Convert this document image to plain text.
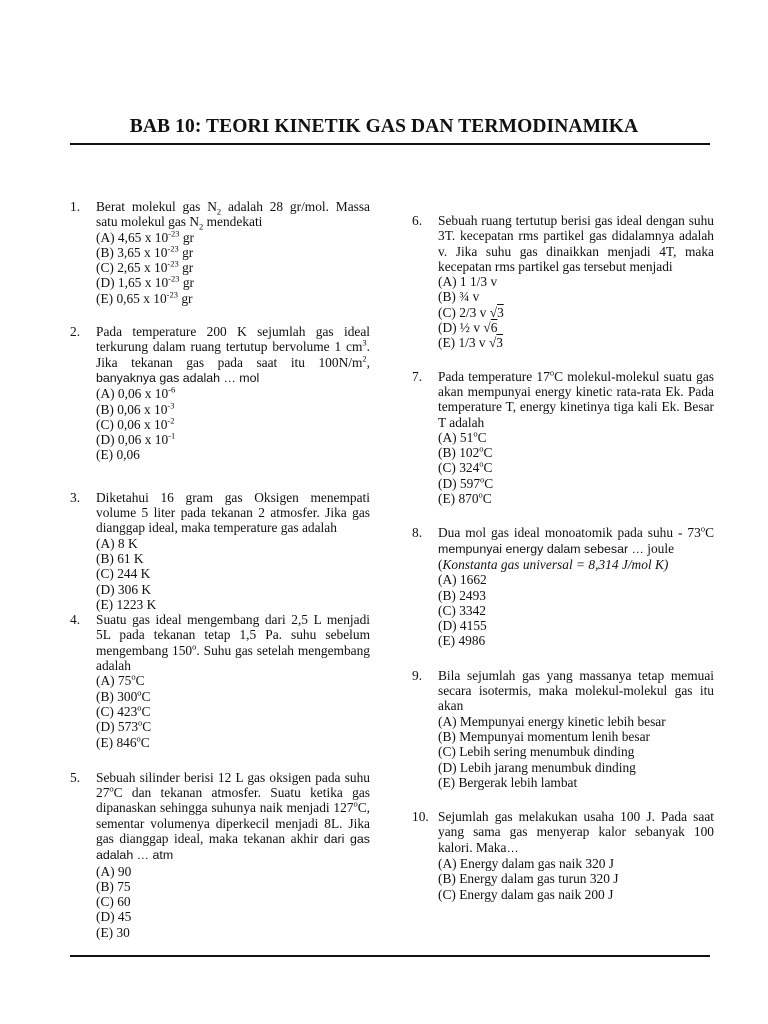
BAB 10: TEORI KINETIK GAS DAN TERMODINAMIKA
1. Berat molekul gas $N_2$ adalah 28 gr/mol. Massa satu molekul gas $N_2$ mendekati
(A) 4,65 x $10^{-23}$ gr
(B) 3,65 x $10^{-23}$ gr
(C) 2,65 x $10^{-23}$ gr
(D) 1,65 x $10^{-23}$ gr
(E) 0,65 x $10^{-23}$ gr
2. Pada temperature 200 K sejumlah gas ideal terkurung dalam ruang tertutup bervolume 1 $cm^3$. Jika tekanan gas pada saat itu $100N/m^2$, banyaknya gas adalah … mol
(A) 0,06 x $10^{-6}$
(B) 0,06 x $10^{-3}$
(C) 0,06 x $10^{-2}$
(D) 0,06 x $10^{-1}$
(E) 0,06
3. Diketahui 16 gram gas Oksigen menempati volume 5 liter pada tekanan 2 atmosfer. Jika gas dianggap ideal, maka temperature gas adalah
(A) 8 K
(B) 61 K
(C) 244 K
(D) 306 K
(E) 1223 K
4. Suatu gas ideal mengembang dari 2,5 L menjadi 5L pada tekanan tetap 1,5 Pa. suhu sebelum mengembang 150$^o$. Suhu gas setelah mengembang adalah
(A) 75$^o$C
(B) 300$^o$C
(C) 423$^o$C
(D) 573$^o$C
(E) 846$^o$C
5. Sebuah silinder berisi 12 L gas oksigen pada suhu 27$^o$C dan tekanan atmosfer. Suatu ketika gas dipanaskan sehingga suhunya naik menjadi 127$^o$C, sementar volumenya diperkecil menjadi 8L. Jika gas dianggap ideal, maka tekanan akhir dari gas adalah … atm
(A) 90
(B) 75
(C) 60
(D) 45
(E) 30
6. Sebuah ruang tertutup berisi gas ideal dengan suhu 3T. kecepatan rms partikel gas didalamnya adalah v. Jika suhu gas dinaikkan menjadi 4T, maka kecepatan rms partikel gas tersebut menjadi
(A) 1 1/3 v
(B) ¾ v
(C) 2/3 v √3
(D) ½ v √6
(E) 1/3 v √3
7. Pada temperature 17$^o$C molekul-molekul suatu gas akan mempunyai energy kinetic rata-rata Ek. Pada temperature T, energy kinetinya tiga kali Ek. Besar T adalah
(A) 51$^o$C
(B) 102$^o$C
(C) 324$^o$C
(D) 597$^o$C
(E) 870$^o$C
8. Dua mol gas ideal monoatomik pada suhu - 73$^o$C mempunyai energy dalam sebesar … joule
(Konstanta gas universal = 8,314 J/mol K)
(A) 1662
(B) 2493
(C) 3342
(D) 4155
(E) 4986
9. Bila sejumlah gas yang massanya tetap memuai secara isotermis, maka molekul-molekul gas itu akan
(A) Mempunyai energy kinetic lebih besar
(B) Mempunyai momentum lenih besar
(C) Lebih sering menumbuk dinding
(D) Lebih jarang menumbuk dinding
(E) Bergerak lebih lambat
10. Sejumlah gas melakukan usaha 100 J. Pada saat yang sama gas menyerap kalor sebanyak 100 kalori. Maka…
(A) Energy dalam gas naik 320 J
(B) Energy dalam gas turun 320 J
(C) Energy dalam gas naik 200 J
